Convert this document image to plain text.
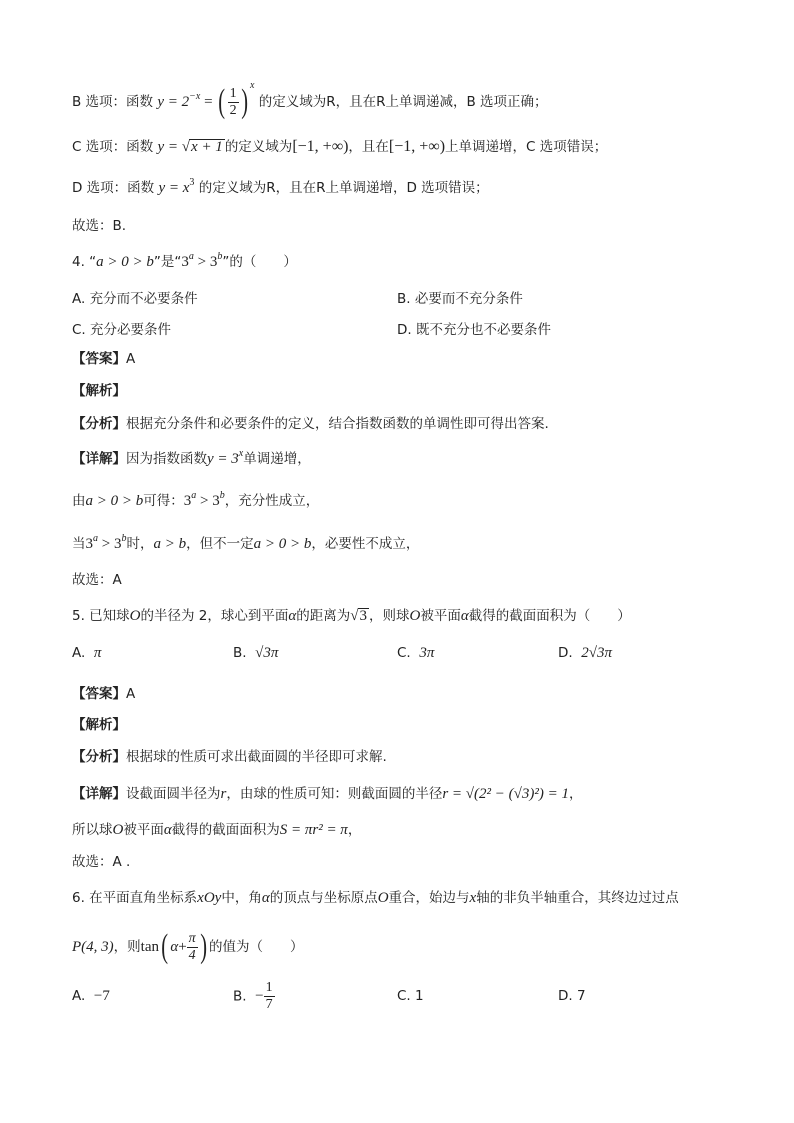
B 选项：函数 $y = 2^{-x}$ = ( $\frac{1}{2}$ ) $^x$ 的定义域为R，且在R上单调递减，B 选项正确；
C 选项：函数 y = √x + 1 的定义域为[−1, +∞)，且在[−1, +∞)上单调递增，C 选项错误；
D 选项：函数 $y = x^3$ 的定义域为R，且在R上单调递增，D 选项错误；
故选：B.
4. “a > 0 > b”是“$3^a > 3^b$”的（　　）
A. 充分而不必要条件	B. 必要而不充分条件
C. 充分必要条件	D. 既不充分也不必要条件
【答案】A
【解析】
【分析】根据充分条件和必要条件的定义，结合指数函数的单调性即可得出答案.
【详解】因为指数函数$y = 3^x$单调递增，
由a > 0 > b可得：$3^a > 3^b$，充分性成立，
当$3^a > 3^b$时，a > b，但不一定a > 0 > b，必要性不成立，
故选：A
5. 已知球O的半径为 2，球心到平面α的距离为√3 ，则球O被平面α截得的截面面积为（　　）
A. π	B. √3π	C. 3π	D. 2√3π
【答案】A
【解析】
【分析】根据球的性质可求出截面圆的半径即可求解.
【详解】设截面圆半径为r，由球的性质可知：则截面圆的半径r = √(2² − (√3)²) = 1，
所以球O被平面α截得的截面面积为S = πr² = π，
故选：A .
6. 在平面直角坐标系xOy中，角α的顶点与坐标原点O重合，始边与x轴的非负半轴重合，其终边过过点
P(4, 3)，则tan( $\alpha+ \frac{\pi}{4}$ ) 的值为（　　）
A. −7	B. − $\frac{1}{7}$	C. 1	D. 7
